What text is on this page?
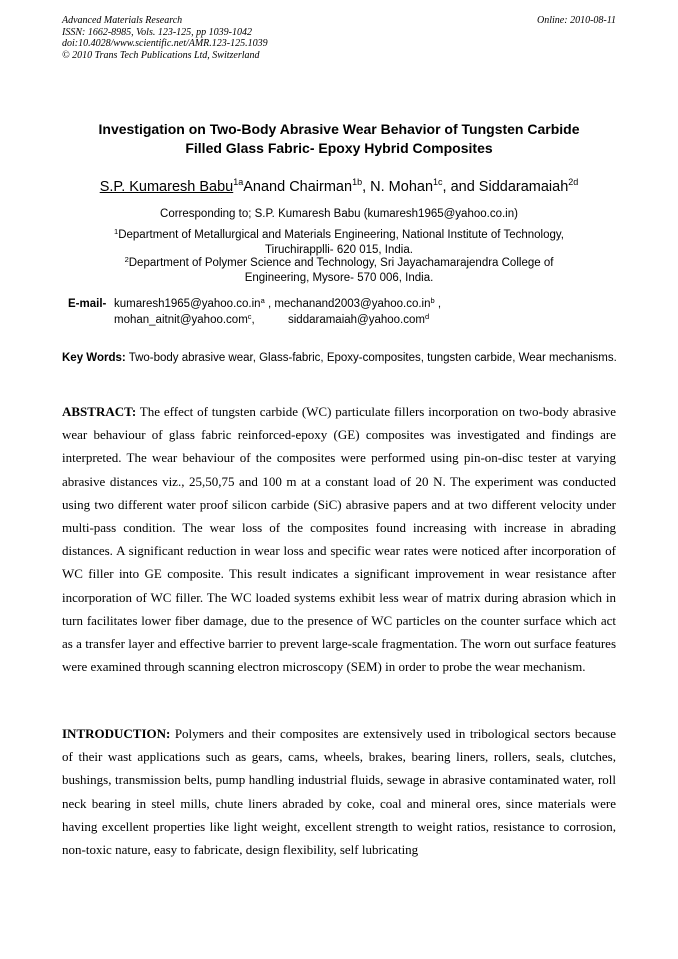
Advanced Materials Research
ISSN: 1662-8985, Vols. 123-125, pp 1039-1042
doi:10.4028/www.scientific.net/AMR.123-125.1039
© 2010 Trans Tech Publications Ltd, Switzerland
Online: 2010-08-11
Investigation on Two-Body Abrasive Wear Behavior of Tungsten Carbide
Filled Glass Fabric- Epoxy Hybrid Composites
S.P. Kumaresh Babu$^{1a}$Anand Chairman$^{1b}$, N. Mohan$^{1c}$, and Siddaramaiah$^{2d}$
Corresponding to; S.P. Kumaresh Babu (kumaresh1965@yahoo.co.in)
$^1$Department of Metallurgical and Materials Engineering, National Institute of Technology,
Tiruchirapplli- 620 015, India.
$^2$Department of Polymer Science and Technology, Sri Jayachamarajendra College of
Engineering, Mysore- 570 006, India.
E-mail- $kumaresh1965@yahoo.co.in^a$ , $mechanand2003@yahoo.co.in^b$ ,
mohan_aitnit@yahoo.com$^c$,	siddaramaiah@yahoo.com$^d$
Key Words: Two-body abrasive wear, Glass-fabric, Epoxy-composites, tungsten carbide, Wear mechanisms.
ABSTRACT: The effect of tungsten carbide (WC) particulate fillers incorporation on two-body abrasive wear behaviour of glass fabric reinforced-epoxy (GE) composites was investigated and findings are interpreted. The wear behaviour of the composites were performed using pin-on-disc tester at varying abrasive distances viz., 25,50,75 and 100 m at a constant load of 20 N. The experiment was conducted using two different water proof silicon carbide (SiC) abrasive papers and at two different velocity under multi-pass condition. The wear loss of the composites found increasing with increase in abrading distances. A significant reduction in wear loss and specific wear rates were noticed after incorporation of WC filler into GE composite. This result indicates a significant improvement in wear resistance after incorporation of WC filler. The WC loaded systems exhibit less wear of matrix during abrasion which in turn facilitates lower fiber damage, due to the presence of WC particles on the counter surface which act as a transfer layer and effective barrier to prevent large-scale fragmentation. The worn out surface features were examined through scanning electron microscopy (SEM) in order to probe the wear mechanism.
INTRODUCTION: Polymers and their composites are extensively used in tribological sectors because of their wast applications such as gears, cams, wheels, brakes, bearing liners, rollers, seals, clutches, bushings, transmission belts, pump handling industrial fluids, sewage in abrasive contaminated water, roll neck bearing in steel mills, chute liners abraded by coke, coal and mineral ores, since materials were having excellent properties like light weight, excellent strength to weight ratios, resistance to corrosion, non-toxic nature, easy to fabricate, design flexibility, self lubricating
